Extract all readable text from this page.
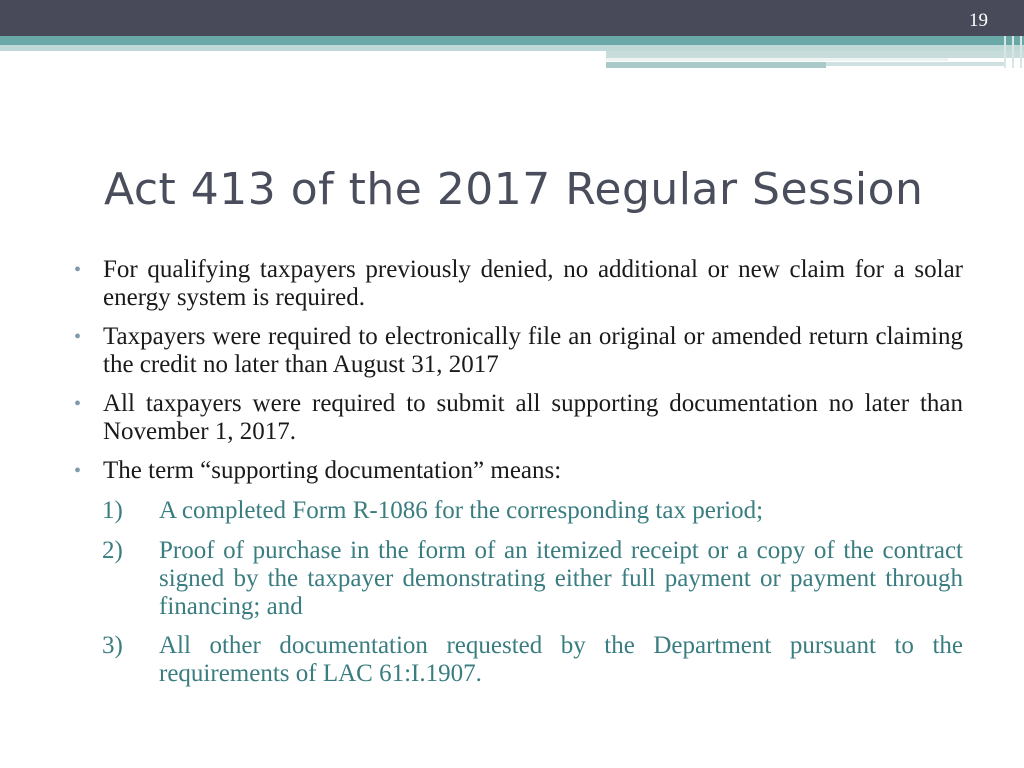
19
Act 413 of the 2017 Regular Session
• For qualifying taxpayers previously denied, no additional or new claim for a solar energy system is required.
• Taxpayers were required to electronically file an original or amended return claiming the credit no later than August 31, 2017
• All taxpayers were required to submit all supporting documentation no later than November 1, 2017.
• The term “supporting documentation” means:
1) A completed Form R-1086 for the corresponding tax period;
2) Proof of purchase in the form of an itemized receipt or a copy of the contract signed by the taxpayer demonstrating either full payment or payment through financing; and
3) All other documentation requested by the Department pursuant to the requirements of LAC 61:I.1907.
